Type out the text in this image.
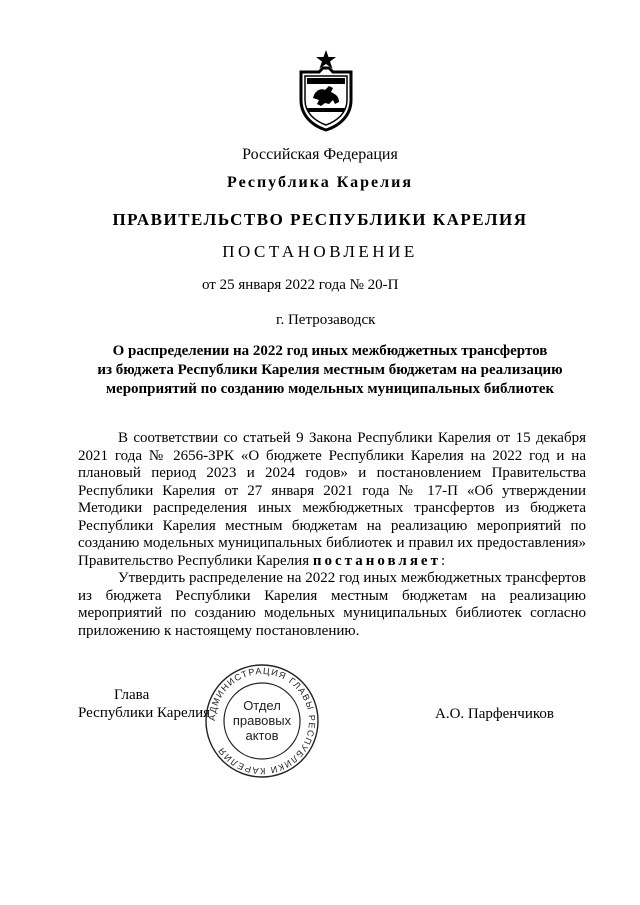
Российская Федерация
Республика Карелия
ПРАВИТЕЛЬСТВО РЕСПУБЛИКИ КАРЕЛИЯ
ПОСТАНОВЛЕНИЕ
от 25 января 2022 года № 20-П
г. Петрозаводск
О распределении на 2022 год иных межбюджетных трансфертов
из бюджета Республики Карелия местным бюджетам на реализацию
мероприятий по созданию модельных муниципальных библиотек

В соответствии со статьей 9 Закона Республики Карелия от 15 декабря 2021 года № 2656-ЗРК «О бюджете Республики Карелия на 2022 год и на плановый период 2023 и 2024 годов» и постановлением Правительства Республики Карелия от 27 января 2021 года № 17-П «Об утверждении Методики распределения иных межбюджетных трансфертов из бюджета Республики Карелия местным бюджетам на реализацию мероприятий по созданию модельных муниципальных библиотек и правил их предоставления» Правительство Республики Карелия постановляет:

Утвердить распределение на 2022 год иных межбюджетных трансфертов из бюджета Республики Карелия местным бюджетам на реализацию мероприятий по созданию модельных муниципальных библиотек согласно приложению к настоящему постановлению.

Глава
Республики Карелия
АДМИНИСТРАЦИЯ ГЛАВЫ РЕСПУБЛИКИ КАРЕЛИЯ
Отдел
правовых
актов
А.О. Парфенчиков
